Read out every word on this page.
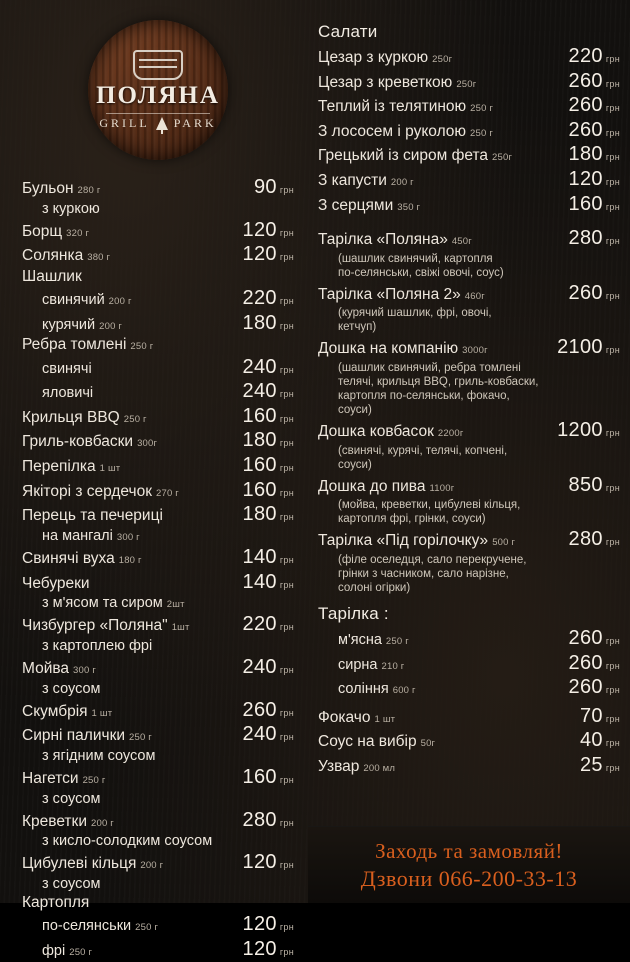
ПОЛЯНА
GRILL PARK
Бульон 280 г	90 грн
з куркою
Борщ 320 г	120 грн
Солянка 380 г	120 грн
Шашлик
свинячий 200 г	220 грн
курячий 200 г	180 грн
Ребра томлені 250 г
свинячі	240 грн
яловичі	240 грн
Крильця BBQ 250 г	160 грн
Гриль-ковбаски 300г	180 грн
Перепілка 1 шт	160 грн
Якіторі з сердечок 270 г	160 грн
Перець та печериці	180 грн
на мангалі 300 г
Свинячі вуха 180 г	140 грн
Чебуреки	140 грн
з м'ясом та сиром 2шт
Чизбургер «Поляна" 1шт	220 грн
з картоплею фрі
Мойва 300 г	240 грн
з соусом
Скумбрія 1 шт	260 грн
Сирні палички 250 г	240 грн
з ягідним соусом
Нагетси 250 г	160 грн
з соусом
Креветки 200 г	280 грн
з кисло-солодким соусом
Цибулеві кільця 200 г	120 грн
з соусом
Картопля
по-селянськи 250 г	120 грн
фрі 250 г	120 грн
Салати
Цезар з куркою 250г	220 грн
Цезар з креветкою 250г	260 грн
Теплий із телятиною 250 г	260 грн
З лососем і руколою 250 г	260 грн
Грецький із сиром фета 250г	180 грн
З капусти 200 г	120 грн
З серцями 350 г	160 грн
Тарілка «Поляна» 450г	280 грн
(шашлик свинячий, картопля
по-селянськи, свіжі овочі, соус)
Тарілка «Поляна 2» 460г	260 грн
(курячий шашлик, фрі, овочі,
кетчуп)
Дошка на компанію 3000г	2100 грн
(шашлик свинячий, ребра томлені
телячі, крильця BBQ, гриль-ковбаски,
картопля по-селянськи, фокачо,
соуси)
Дошка ковбасок 2200г	1200 грн
(свинячі, курячі, телячі, копчені,
соуси)
Дошка до пива 1100г	850 грн
(мойва, креветки, цибулеві кільця,
картопля фрі, грінки, соуси)
Тарілка «Під горілочку» 500 г	280 грн
(філе оселедця, сало перекручене,
грінки з часником, сало нарізне,
солоні огірки)
Тарілка :
м'ясна 250 г	260 грн
сирна 210 г	260 грн
соління 600 г	260 грн
Фокачо 1 шт	70 грн
Соус на вибір 50г	40 грн
Узвар 200 мл	25 грн
Заходь та замовляй!
Дзвони 066-200-33-13
